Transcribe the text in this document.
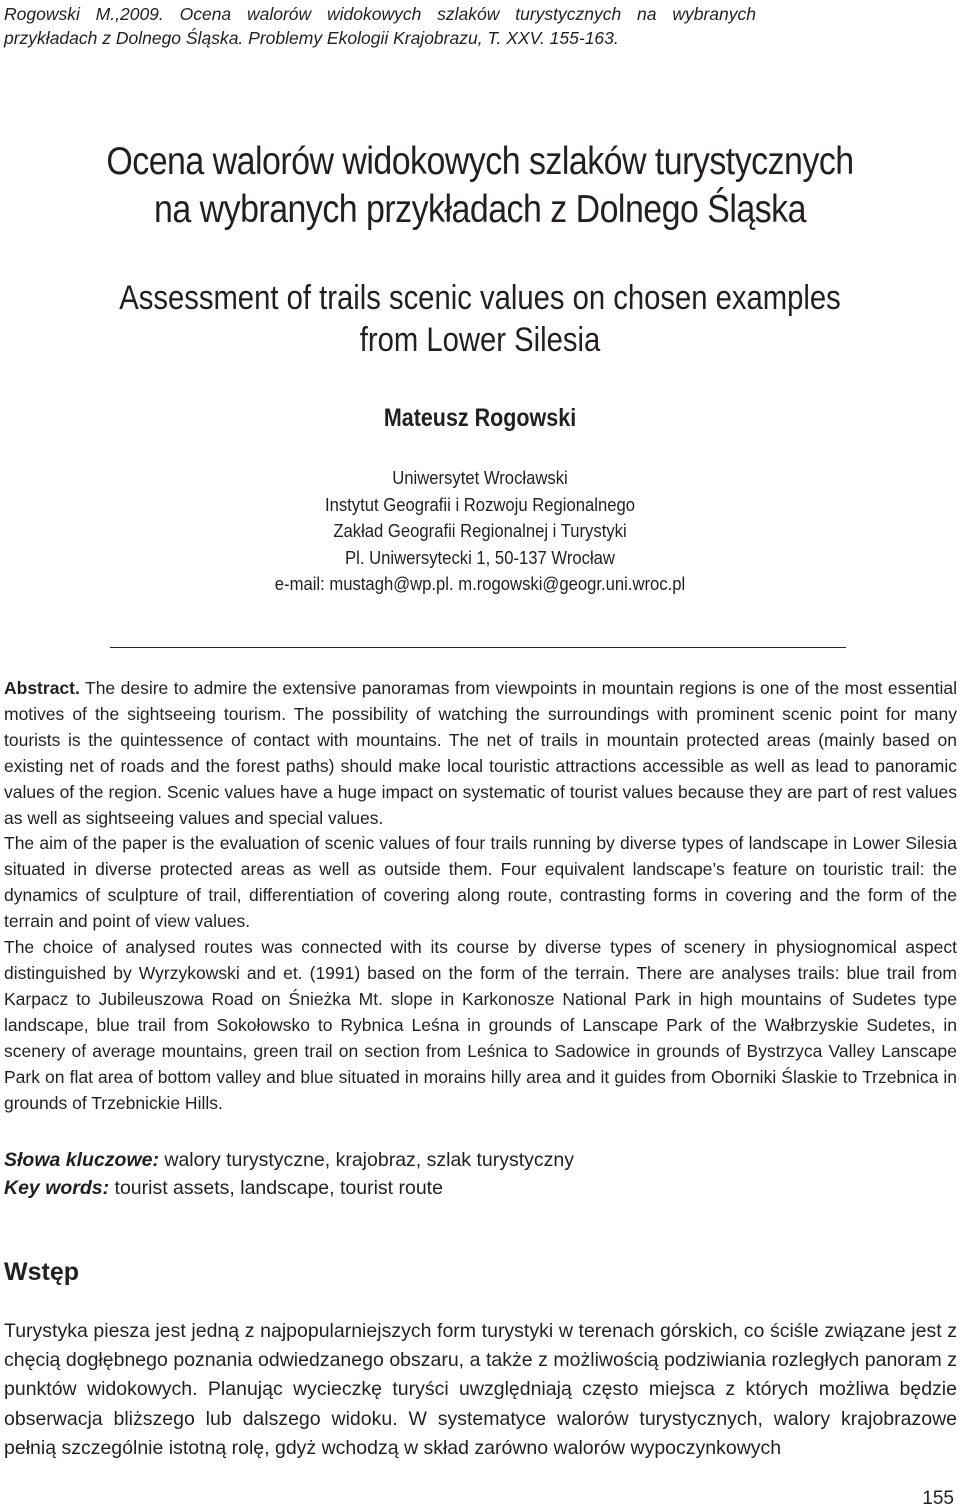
Rogowski M.,2009. Ocena walorów widokowych szlaków turystycznych na wybranych przykładach z Dolnego Śląska. Problemy Ekologii Krajobrazu, T. XXV. 155-163.

Ocena walorów widokowych szlaków turystycznych
na wybranych przykładach z Dolnego Śląska
Assessment of trails scenic values on chosen examples
from Lower Silesia

Mateusz Rogowski

Uniwersytet Wrocławski
Instytut Geografii i Rozwoju Regionalnego
Zakład Geografii Regionalnej i Turystyki
Pl. Uniwersytecki 1, 50-137 Wrocław
e-mail: mustagh@wp.pl. m.rogowski@geogr.uni.wroc.pl

Abstract. The desire to admire the extensive panoramas from viewpoints in mountain regions is one of the most essential motives of the sightseeing tourism. The possibility of watching the surroundings with prominent scenic point for many tourists is the quintessence of contact with mountains. The net of trails in mountain protected areas (mainly based on existing net of roads and the forest paths) should make local touristic attractions accessible as well as lead to panoramic values of the region. Scenic values have a huge impact on systematic of tourist values because they are part of rest values as well as sightseeing values and special values.

The aim of the paper is the evaluation of scenic values of four trails running by diverse types of landscape in Lower Silesia situated in diverse protected areas as well as outside them. Four equivalent landscape’s feature on touristic trail: the dynamics of sculpture of trail, differentiation of covering along route, contrasting forms in covering and the form of the terrain and point of view values.

The choice of analysed routes was connected with its course by diverse types of scenery in physiognomical aspect distinguished by Wyrzykowski and et. (1991) based on the form of the terrain. There are analyses trails: blue trail from Karpacz to Jubileuszowa Road on Śnieżka Mt. slope in Karkonosze National Park in high mountains of Sudetes type landscape, blue trail from Sokołowsko to Rybnica Leśna in grounds of Lanscape Park of the Wałbrzyskie Sudetes, in scenery of average mountains, green trail on section from Leśnica to Sadowice in grounds of Bystrzyca Valley Lanscape Park on flat area of bottom valley and blue situated in morains hilly area and it guides from Oborniki Ślaskie to Trzebnica in grounds of Trzebnickie Hills.

Słowa kluczowe: walory turystyczne, krajobraz, szlak turystyczny
Key words: tourist assets, landscape, tourist route
Wstęp

Turystyka piesza jest jedną z najpopularniejszych form turystyki w terenach górskich, co ściśle związane jest z chęcią dogłębnego poznania odwiedzanego obszaru, a także z możliwością podziwiania rozległych panoram z punktów widokowych. Planując wycieczkę turyści uwzględniają często miejsca z których możliwa będzie obserwacja bliższego lub dalszego widoku. W systematyce walorów turystycznych, walory krajobrazowe pełnią szczególnie istotną rolę, gdyż wchodzą w skład zarówno walorów wypoczynkowych

155
